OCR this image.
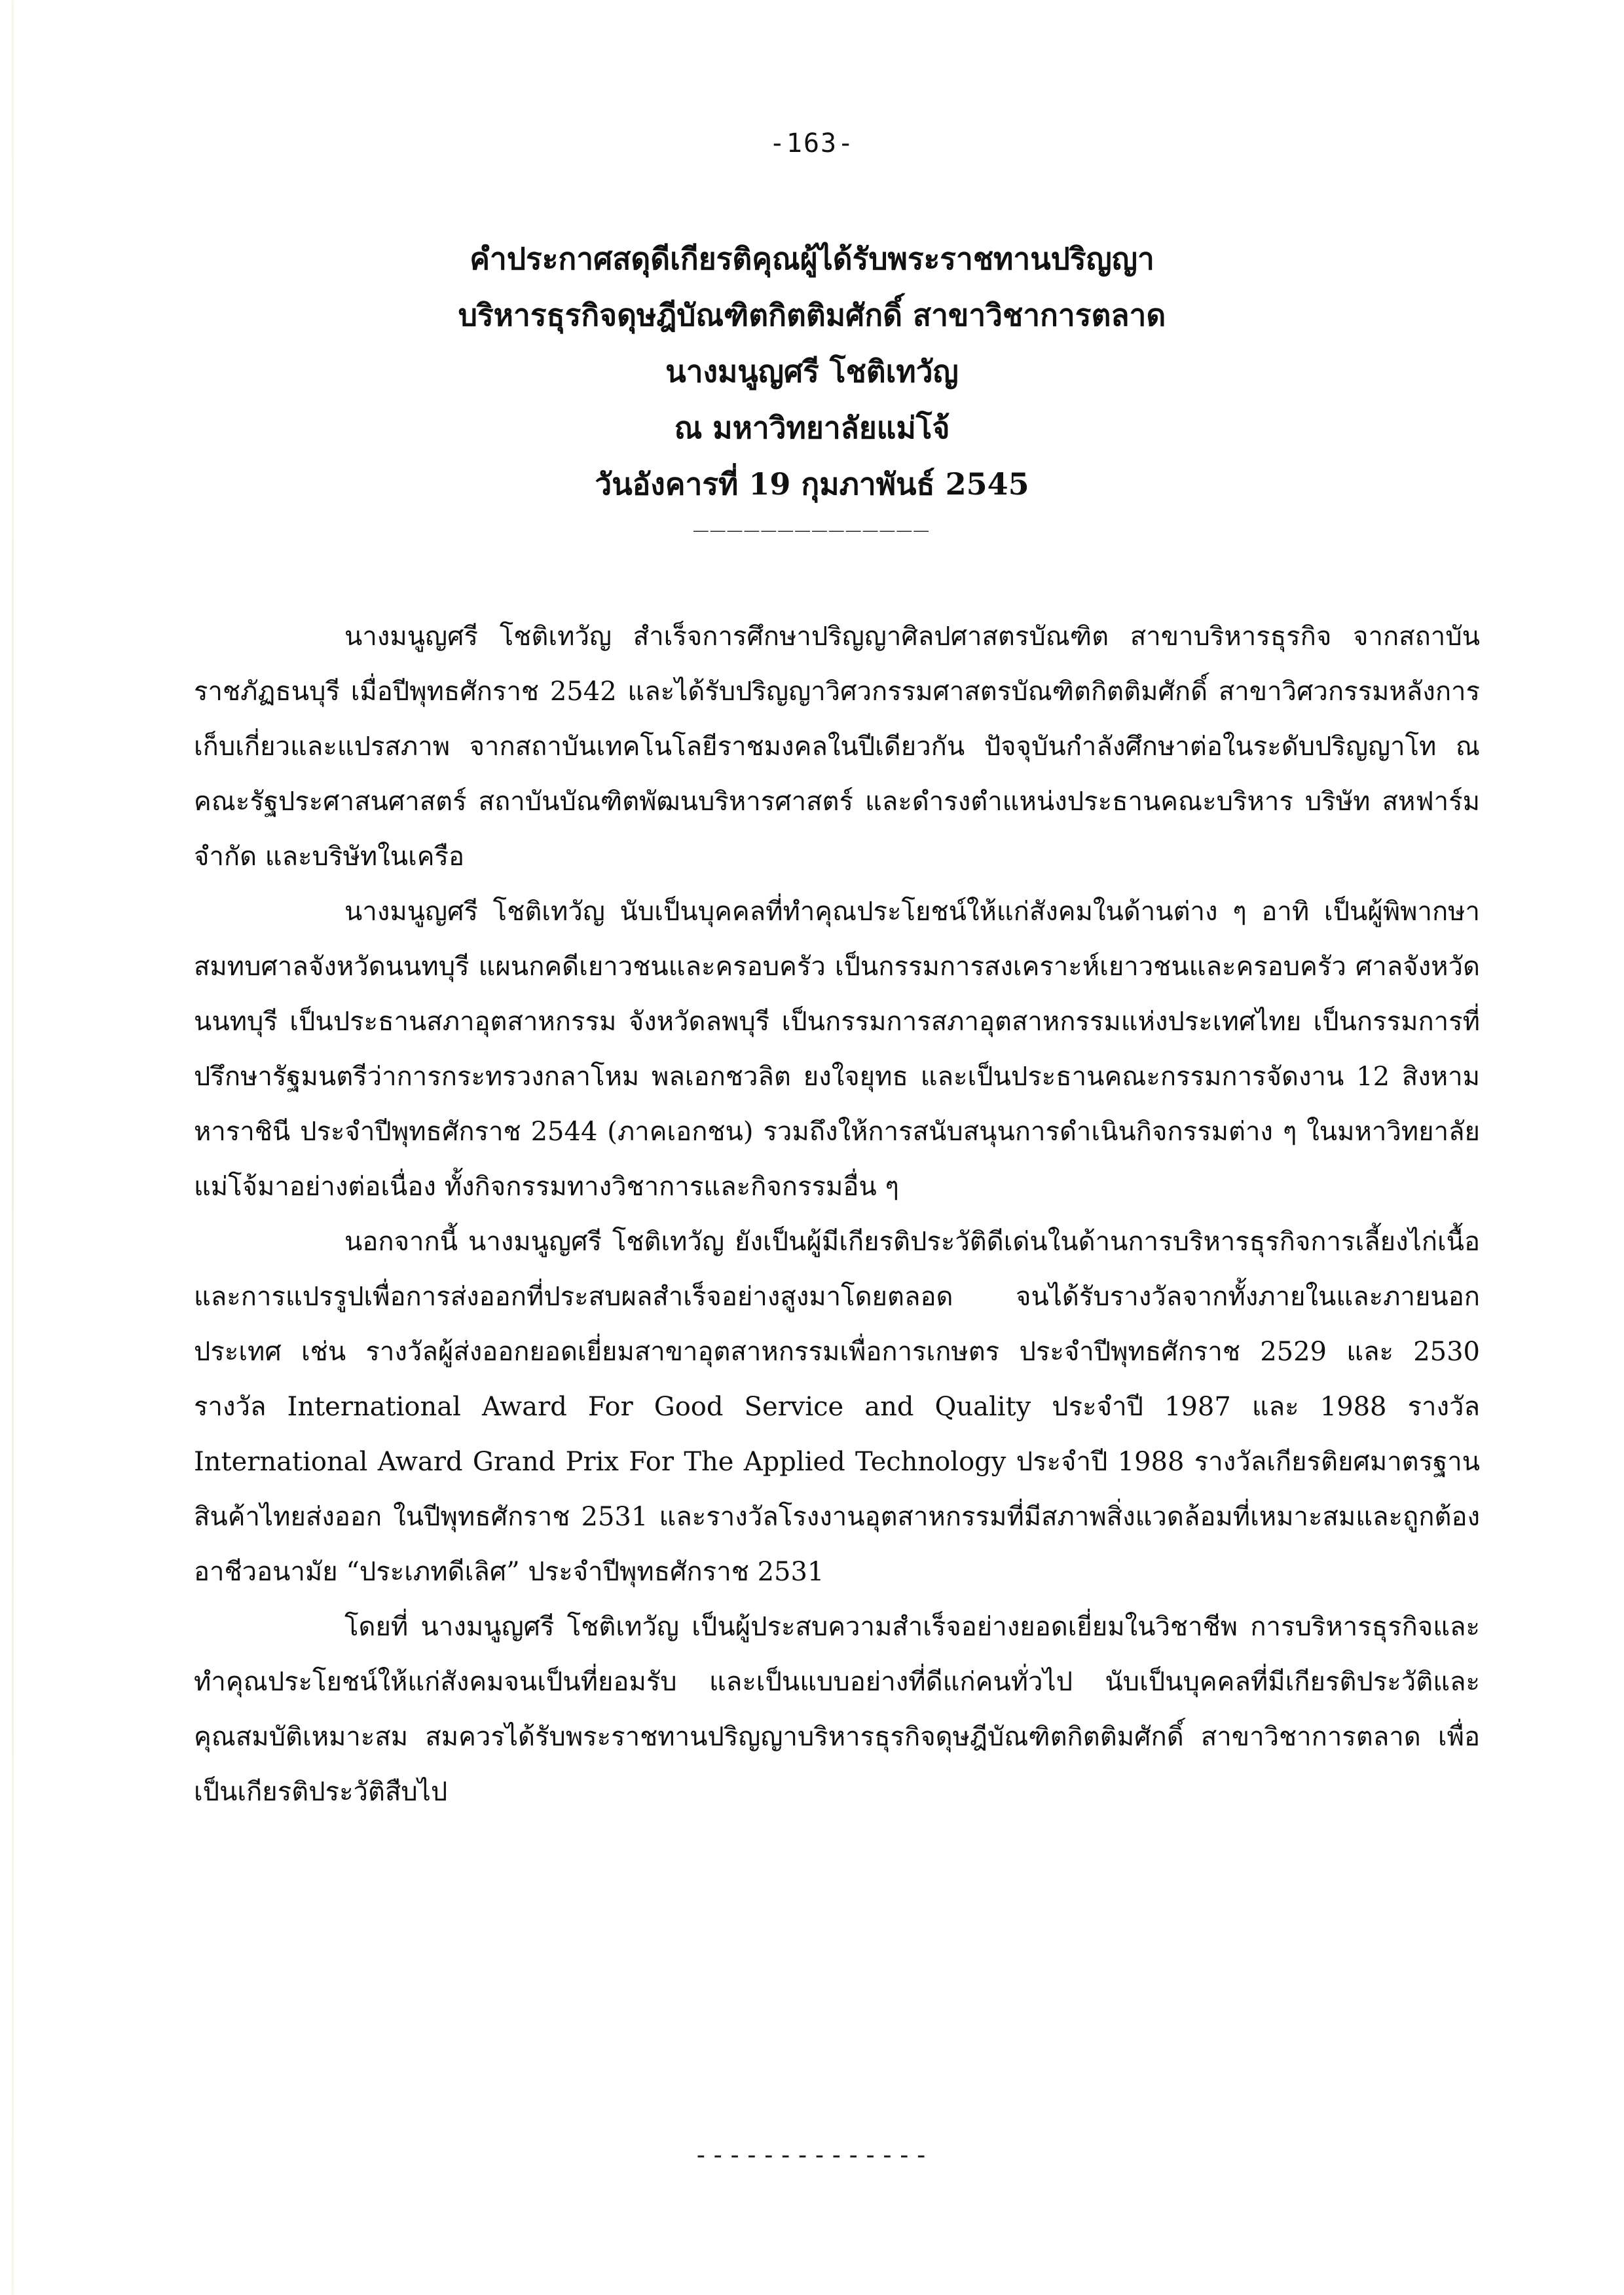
-163-
คำประกาศสดุดีเกียรติคุณผู้ได้รับพระราชทานปริญญา
บริหารธุรกิจดุษฎีบัณฑิตกิตติมศักดิ์ สาขาวิชาการตลาด
นางมนูญศรี โชติเทวัญ
ณ มหาวิทยาลัยแม่โจ้
วันอังคารที่ 19 กุมภาพันธ์ 2545
______________

นางมนูญศรี โชติเทวัญ สำเร็จการศึกษาปริญญาศิลปศาสตรบัณฑิต สาขาบริหารธุรกิจ จากสถาบันราชภัฏธนบุรี เมื่อปีพุทธศักราช 2542 และได้รับปริญญาวิศวกรรมศาสตรบัณฑิตกิตติมศักดิ์ สาขาวิศวกรรมหลังการเก็บเกี่ยวและแปรสภาพ จากสถาบันเทคโนโลยีราชมงคลในปีเดียวกัน ปัจจุบันกำลังศึกษาต่อในระดับปริญญาโท ณ คณะรัฐประศาสนศาสตร์ สถาบันบัณฑิตพัฒนบริหารศาสตร์ และดำรงตำแหน่งประธานคณะบริหาร บริษัท สหฟาร์ม จำกัด และบริษัทในเครือ

นางมนูญศรี โชติเทวัญ นับเป็นบุคคลที่ทำคุณประโยชน์ให้แก่สังคมในด้านต่าง ๆ อาทิ เป็นผู้พิพากษาสมทบศาลจังหวัดนนทบุรี แผนกคดีเยาวชนและครอบครัว เป็นกรรมการสงเคราะห์เยาวชนและครอบครัว ศาลจังหวัดนนทบุรี เป็นประธานสภาอุตสาหกรรม จังหวัดลพบุรี เป็นกรรมการสภาอุตสาหกรรมแห่งประเทศไทย เป็นกรรมการที่ปรึกษารัฐมนตรีว่าการกระทรวงกลาโหม พลเอกชวลิต ยงใจยุทธ และเป็นประธานคณะกรรมการจัดงาน 12 สิงหามหาราชินี ประจำปีพุทธศักราช 2544 (ภาคเอกชน) รวมถึงให้การสนับสนุนการดำเนินกิจกรรมต่าง ๆ ในมหาวิทยาลัยแม่โจ้มาอย่างต่อเนื่อง ทั้งกิจกรรมทางวิชาการและกิจกรรมอื่น ๆ

นอกจากนี้ นางมนูญศรี โชติเทวัญ ยังเป็นผู้มีเกียรติประวัติดีเด่นในด้านการบริหารธุรกิจการเลี้ยงไก่เนื้อและการแปรรูปเพื่อการส่งออกที่ประสบผลสำเร็จอย่างสูงมาโดยตลอด จนได้รับรางวัลจากทั้งภายในและภายนอกประเทศ เช่น รางวัลผู้ส่งออกยอดเยี่ยมสาขาอุตสาหกรรมเพื่อการเกษตร ประจำปีพุทธศักราช 2529 และ 2530 รางวัล International Award For Good Service and Quality ประจำปี 1987 และ 1988 รางวัล International Award Grand Prix For The Applied Technology ประจำปี 1988 รางวัลเกียรติยศมาตรฐานสินค้าไทยส่งออก ในปีพุทธศักราช 2531 และรางวัลโรงงานอุตสาหกรรมที่มีสภาพสิ่งแวดล้อมที่เหมาะสมและถูกต้องอาชีวอนามัย “ประเภทดีเลิศ” ประจำปีพุทธศักราช 2531

โดยที่ นางมนูญศรี โชติเทวัญ เป็นผู้ประสบความสำเร็จอย่างยอดเยี่ยมในวิชาชีพ การบริหารธุรกิจและทำคุณประโยชน์ให้แก่สังคมจนเป็นที่ยอมรับ และเป็นแบบอย่างที่ดีแก่คนทั่วไป นับเป็นบุคคลที่มีเกียรติประวัติและคุณสมบัติเหมาะสม สมควรได้รับพระราชทานปริญญาบริหารธุรกิจดุษฎีบัณฑิตกิตติมศักดิ์ สาขาวิชาการตลาด เพื่อเป็นเกียรติประวัติสืบไป

--------------
